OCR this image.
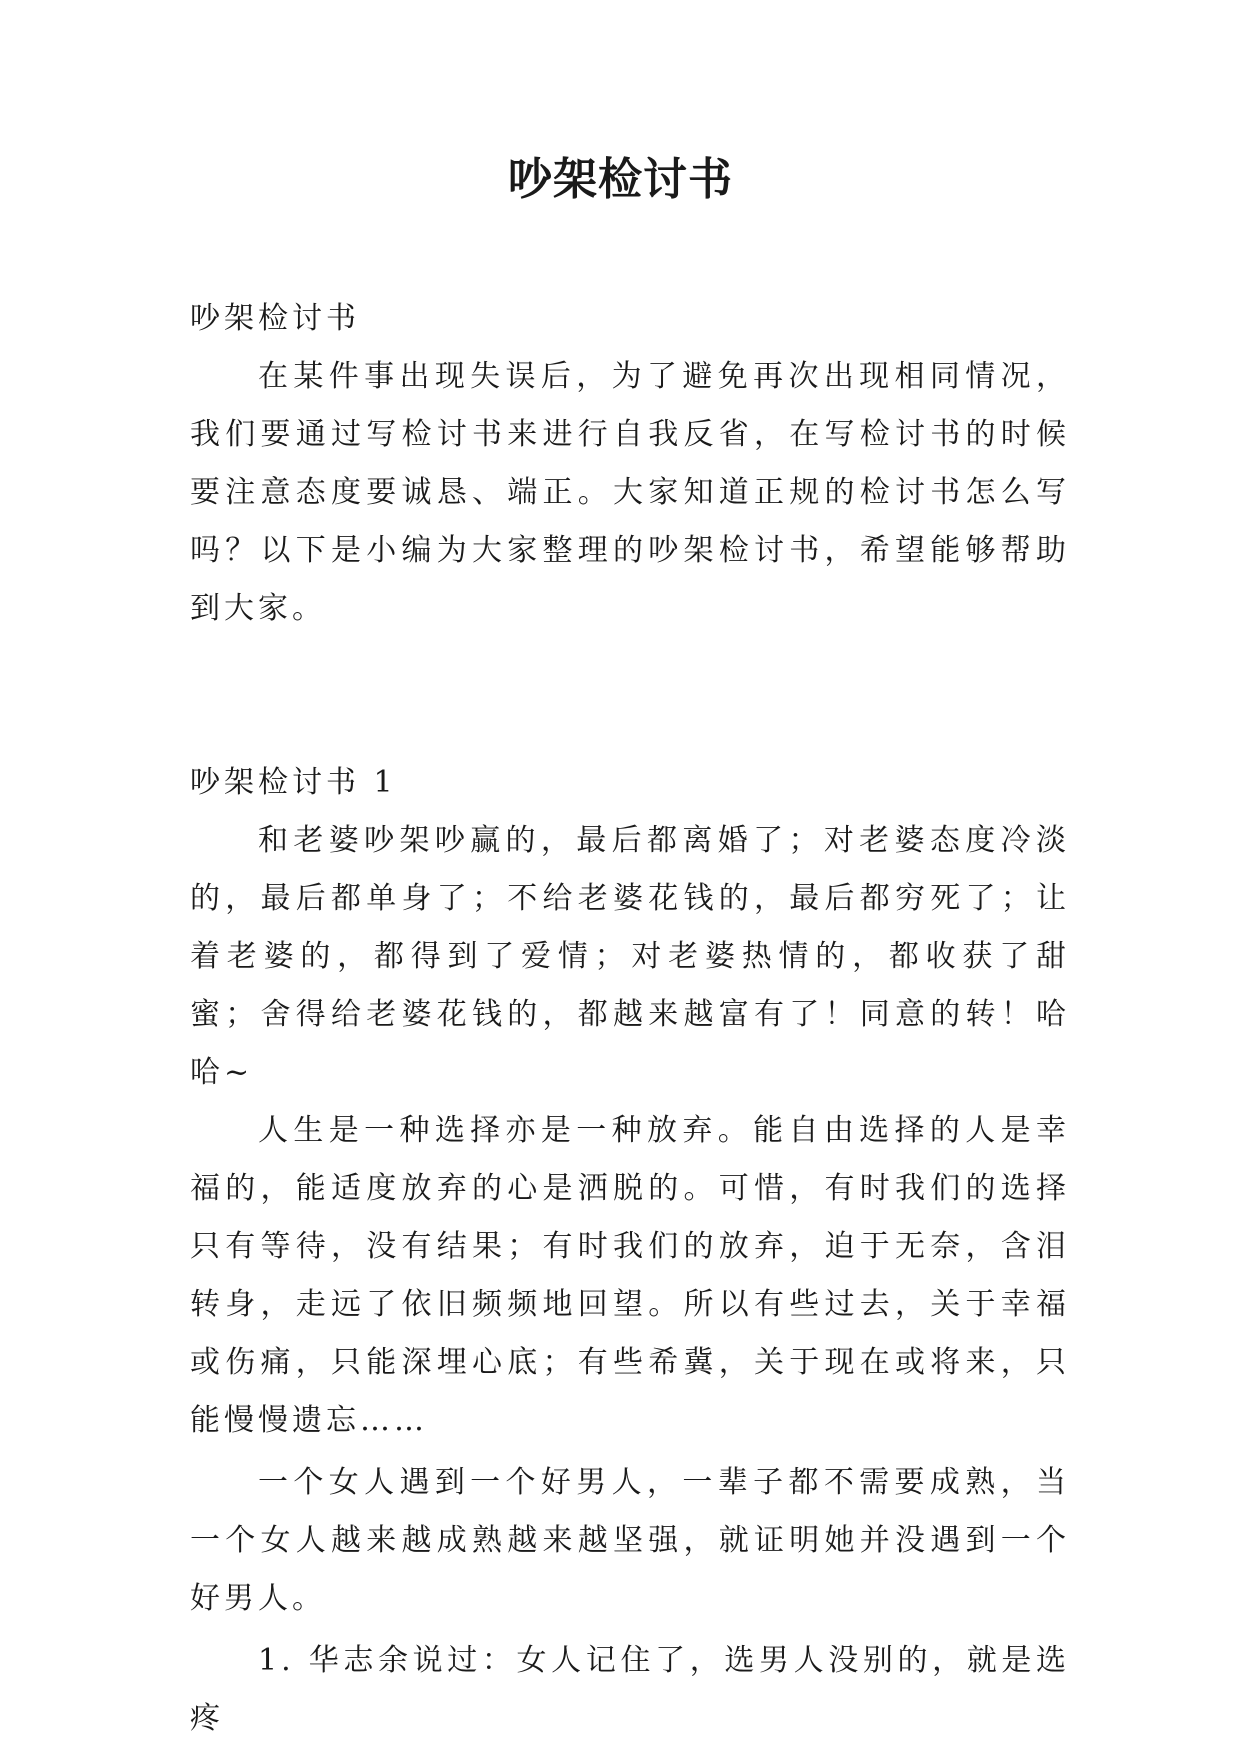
吵架检讨书

吵架检讨书

在某件事出现失误后，为了避免再次出现相同情况，我们要通过写检讨书来进行自我反省，在写检讨书的时候要注意态度要诚恳、端正。大家知道正规的检讨书怎么写吗？以下是小编为大家整理的吵架检讨书，希望能够帮助到大家。

吵架检讨书 1

和老婆吵架吵赢的，最后都离婚了；对老婆态度冷淡的，最后都单身了；不给老婆花钱的，最后都穷死了；让着老婆的，都得到了爱情；对老婆热情的，都收获了甜蜜；舍得给老婆花钱的，都越来越富有了！同意的转！哈哈~

人生是一种选择亦是一种放弃。能自由选择的人是幸福的，能适度放弃的心是洒脱的。可惜，有时我们的选择只有等待，没有结果；有时我们的放弃，迫于无奈，含泪转身，走远了依旧频频地回望。所以有些过去，关于幸福或伤痛，只能深埋心底；有些希冀，关于现在或将来，只能慢慢遗忘……

一个女人遇到一个好男人，一辈子都不需要成熟，当一个女人越来越成熟越来越坚强，就证明她并没遇到一个好男人。

1. 华志余说过：女人记住了，选男人没别的，就是选疼
